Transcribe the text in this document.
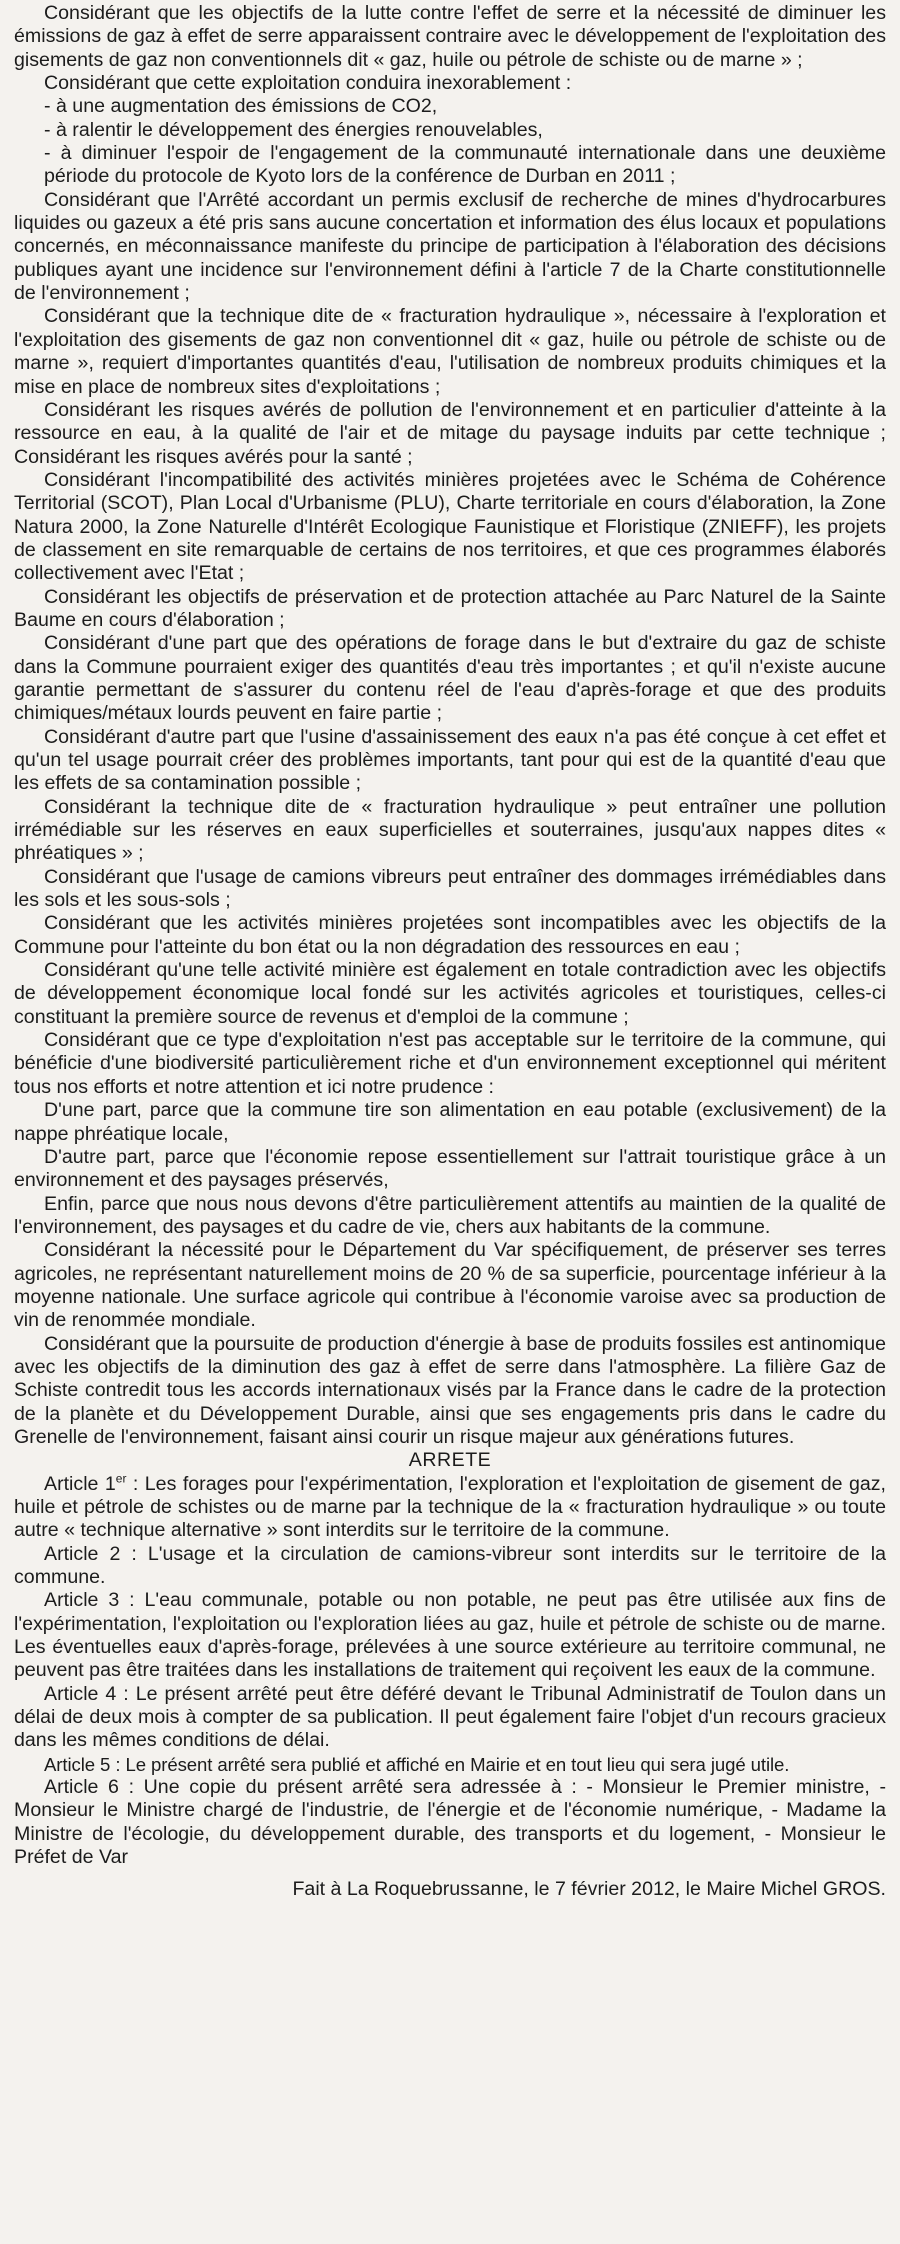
Considérant que les objectifs de la lutte contre l'effet de serre et la nécessité de diminuer les émissions de gaz à effet de serre apparaissent contraire avec le développement de l'exploitation des gisements de gaz non conventionnels dit « gaz, huile ou pétrole de schiste ou de marne » ;

Considérant que cette exploitation conduira inexorablement :

- à une augmentation des émissions de CO2,

- à ralentir le développement des énergies renouvelables,

- à diminuer l'espoir de l'engagement de la communauté internationale dans une deuxième période du protocole de Kyoto lors de la conférence de Durban en 2011 ;

Considérant que l'Arrêté accordant un permis exclusif de recherche de mines d'hydrocarbures liquides ou gazeux a été pris sans aucune concertation et information des élus locaux et populations concernés, en méconnaissance manifeste du principe de participation à l'élaboration des décisions publiques ayant une incidence sur l'environnement défini à l'article 7 de la Charte constitutionnelle de l'environnement ;

Considérant que la technique dite de « fracturation hydraulique », nécessaire à l'exploration et l'exploitation des gisements de gaz non conventionnel dit « gaz, huile ou pétrole de schiste ou de marne », requiert d'importantes quantités d'eau, l'utilisation de nombreux produits chimiques et la mise en place de nombreux sites d'exploitations ;

Considérant les risques avérés de pollution de l'environnement et en particulier d'atteinte à la ressource en eau, à la qualité de l'air et de mitage du paysage induits par cette technique ; Considérant les risques avérés pour la santé ;

Considérant l'incompatibilité des activités minières projetées avec le Schéma de Cohérence Territorial (SCOT), Plan Local d'Urbanisme (PLU), Charte territoriale en cours d'élaboration, la Zone Natura 2000, la Zone Naturelle d'Intérêt Ecologique Faunistique et Floristique (ZNIEFF), les projets de classement en site remarquable de certains de nos territoires, et que ces programmes élaborés collectivement avec l'Etat ;

Considérant les objectifs de préservation et de protection attachée au Parc Naturel de la Sainte Baume en cours d'élaboration ;

Considérant d'une part que des opérations de forage dans le but d'extraire du gaz de schiste dans la Commune pourraient exiger des quantités d'eau très importantes ; et qu'il n'existe aucune garantie permettant de s'assurer du contenu réel de l'eau d'après-forage et que des produits chimiques/métaux lourds peuvent en faire partie ;

Considérant d'autre part que l'usine d'assainissement des eaux n'a pas été conçue à cet effet et qu'un tel usage pourrait créer des problèmes importants, tant pour qui est de la quantité d'eau que les effets de sa contamination possible ;

Considérant la technique dite de « fracturation hydraulique » peut entraîner une pollution irrémédiable sur les réserves en eaux superficielles et souterraines, jusqu'aux nappes dites « phréatiques » ;

Considérant que l'usage de camions vibreurs peut entraîner des dommages irrémédiables dans les sols et les sous-sols ;

Considérant que les activités minières projetées sont incompatibles avec les objectifs de la Commune pour l'atteinte du bon état ou la non dégradation des ressources en eau ;

Considérant qu'une telle activité minière est également en totale contradiction avec les objectifs de développement économique local fondé sur les activités agricoles et touristiques, celles-ci constituant la première source de revenus et d'emploi de la commune ;

Considérant que ce type d'exploitation n'est pas acceptable sur le territoire de la commune, qui bénéficie d'une biodiversité particulièrement riche et d'un environnement exceptionnel qui méritent tous nos efforts et notre attention et ici notre prudence :

D'une part, parce que la commune tire son alimentation en eau potable (exclusivement) de la nappe phréatique locale,

D'autre part, parce que l'économie repose essentiellement sur l'attrait touristique grâce à un environnement et des paysages préservés,

Enfin, parce que nous nous devons d'être particulièrement attentifs au maintien de la qualité de l'environnement, des paysages et du cadre de vie, chers aux habitants de la commune.

Considérant la nécessité pour le Département du Var spécifiquement, de préserver ses terres agricoles, ne représentant naturellement moins de 20 % de sa superficie, pourcentage inférieur à la moyenne nationale. Une surface agricole qui contribue à l'économie varoise avec sa production de vin de renommée mondiale.

Considérant que la poursuite de production d'énergie à base de produits fossiles est antinomique avec les objectifs de la diminution des gaz à effet de serre dans l'atmosphère. La filière Gaz de Schiste contredit tous les accords internationaux visés par la France dans le cadre de la protection de la planète et du Développement Durable, ainsi que ses engagements pris dans le cadre du Grenelle de l'environnement, faisant ainsi courir un risque majeur aux générations futures.

ARRETE

Article 1er : Les forages pour l'expérimentation, l'exploration et l'exploitation de gisement de gaz, huile et pétrole de schistes ou de marne par la technique de la « fracturation hydraulique » ou toute autre « technique alternative » sont interdits sur le territoire de la commune.

Article 2 : L'usage et la circulation de camions-vibreur sont interdits sur le territoire de la commune.

Article 3 : L'eau communale, potable ou non potable, ne peut pas être utilisée aux fins de l'expérimentation, l'exploitation ou l'exploration liées au gaz, huile et pétrole de schiste ou de marne. Les éventuelles eaux d'après-forage, prélevées à une source extérieure au territoire communal, ne peuvent pas être traitées dans les installations de traitement qui reçoivent les eaux de la commune.

Article 4 : Le présent arrêté peut être déféré devant le Tribunal Administratif de Toulon dans un délai de deux mois à compter de sa publication. Il peut également faire l'objet d'un recours gracieux dans les mêmes conditions de délai.

Article 5 : Le présent arrêté sera publié et affiché en Mairie et en tout lieu qui sera jugé utile.

Article 6 : Une copie du présent arrêté sera adressée à : - Monsieur le Premier ministre, - Monsieur le Ministre chargé de l'industrie, de l'énergie et de l'économie numérique, - Madame la Ministre de l'écologie, du développement durable, des transports et du logement, - Monsieur le Préfet de Var

Fait à La Roquebrussanne, le 7 février 2012, le Maire Michel GROS.
